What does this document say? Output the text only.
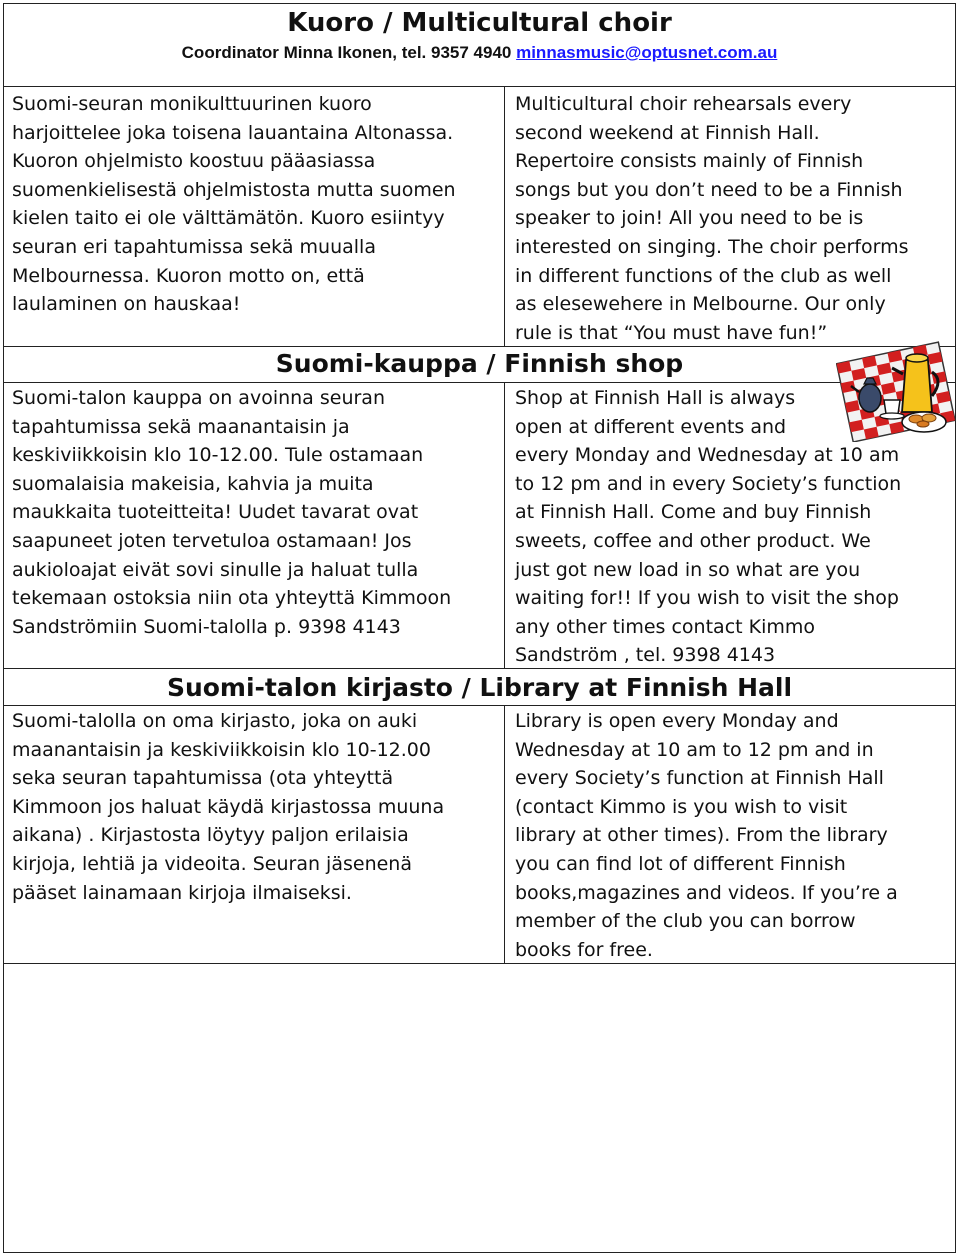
Kuoro / Multicultural choir
Coordinator Minna Ikonen, tel. 9357 4940 minnasmusic@optusnet.com.au
Suomi-seuran monikulttuurinen kuoro
harjoittelee joka toisena lauantaina Altonassa.
Kuoron ohjelmisto koostuu pääasiassa
suomenkielisestä ohjelmistosta mutta suomen
kielen taito ei ole välttämätön. Kuoro esiintyy
seuran eri tapahtumissa sekä muualla
Melbournessa. Kuoron motto on, että
laulaminen on hauskaa!
Multicultural choir rehearsals every
second weekend at Finnish Hall.
Repertoire consists mainly of Finnish
songs but you don’t need to be a Finnish
speaker to join! All you need to be is
interested on singing. The choir performs
in different functions of the club as well
as elesewehere in Melbourne. Our only
rule is that “You must have fun!”
Suomi-kauppa / Finnish shop
Suomi-talon kauppa on avoinna seuran
tapahtumissa sekä maanantaisin ja
keskiviikkoisin klo 10-12.00. Tule ostamaan
suomalaisia makeisia, kahvia ja muita
maukkaita tuoteitteita! Uudet tavarat ovat
saapuneet joten tervetuloa ostamaan! Jos
aukioloajat eivät sovi sinulle ja haluat tulla
tekemaan ostoksia niin ota yhteyttä Kimmoon
Sandströmiin Suomi-talolla p. 9398 4143
Shop at Finnish Hall is always
open at different events and
every Monday and Wednesday at 10 am
to 12 pm and in every Society’s function
at Finnish Hall. Come and buy Finnish
sweets, coffee and other product. We
just got new load in so what are you
waiting for!! If you wish to visit the shop
any other times contact Kimmo
Sandström , tel. 9398 4143
Suomi-talon kirjasto / Library at Finnish Hall
Suomi-talolla on oma kirjasto, joka on auki
maanantaisin ja keskiviikkoisin klo 10-12.00
seka seuran tapahtumissa (ota yhteyttä
Kimmoon jos haluat käydä kirjastossa muuna
aikana) . Kirjastosta löytyy paljon erilaisia
kirjoja, lehtiä ja videoita. Seuran jäsenenä
pääset lainamaan kirjoja ilmaiseksi.
Library is open every Monday and
Wednesday at 10 am to 12 pm and in
every Society’s function at Finnish Hall
(contact Kimmo is you wish to visit
library at other times). From the library
you can find lot of different Finnish
books,magazines and videos. If you’re a
member of the club you can borrow
books for free.
